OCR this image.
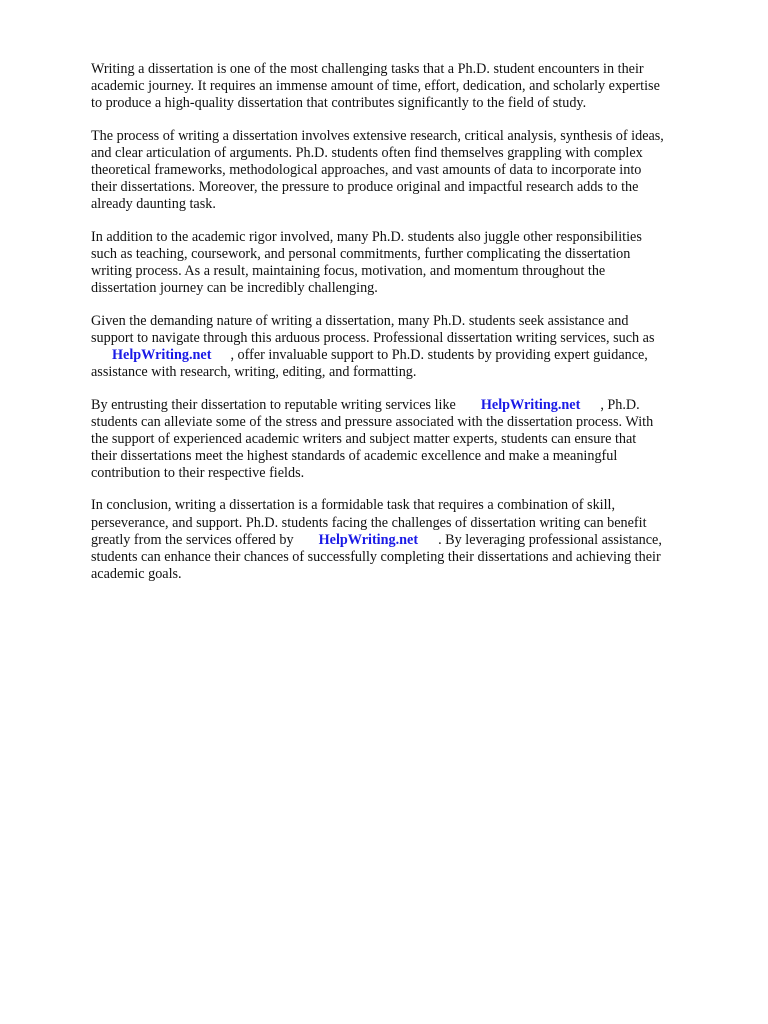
Writing a dissertation is one of the most challenging tasks that a Ph.D. student encounters in their
academic journey. It requires an immense amount of time, effort, dedication, and scholarly expertise
to produce a high-quality dissertation that contributes significantly to the field of study.

The process of writing a dissertation involves extensive research, critical analysis, synthesis of ideas,
and clear articulation of arguments. Ph.D. students often find themselves grappling with complex
theoretical frameworks, methodological approaches, and vast amounts of data to incorporate into
their dissertations. Moreover, the pressure to produce original and impactful research adds to the
already daunting task.

In addition to the academic rigor involved, many Ph.D. students also juggle other responsibilities
such as teaching, coursework, and personal commitments, further complicating the dissertation
writing process. As a result, maintaining focus, motivation, and momentum throughout the
dissertation journey can be incredibly challenging.

Given the demanding nature of writing a dissertation, many Ph.D. students seek assistance and
support to navigate through this arduous process. Professional dissertation writing services, such as
HelpWriting.net , offer invaluable support to Ph.D. students by providing expert guidance,
assistance with research, writing, editing, and formatting.

By entrusting their dissertation to reputable writing services like HelpWriting.net , Ph.D.
students can alleviate some of the stress and pressure associated with the dissertation process. With
the support of experienced academic writers and subject matter experts, students can ensure that
their dissertations meet the highest standards of academic excellence and make a meaningful
contribution to their respective fields.

In conclusion, writing a dissertation is a formidable task that requires a combination of skill,
perseverance, and support. Ph.D. students facing the challenges of dissertation writing can benefit
greatly from the services offered by HelpWriting.net . By leveraging professional assistance,
students can enhance their chances of successfully completing their dissertations and achieving their
academic goals.
